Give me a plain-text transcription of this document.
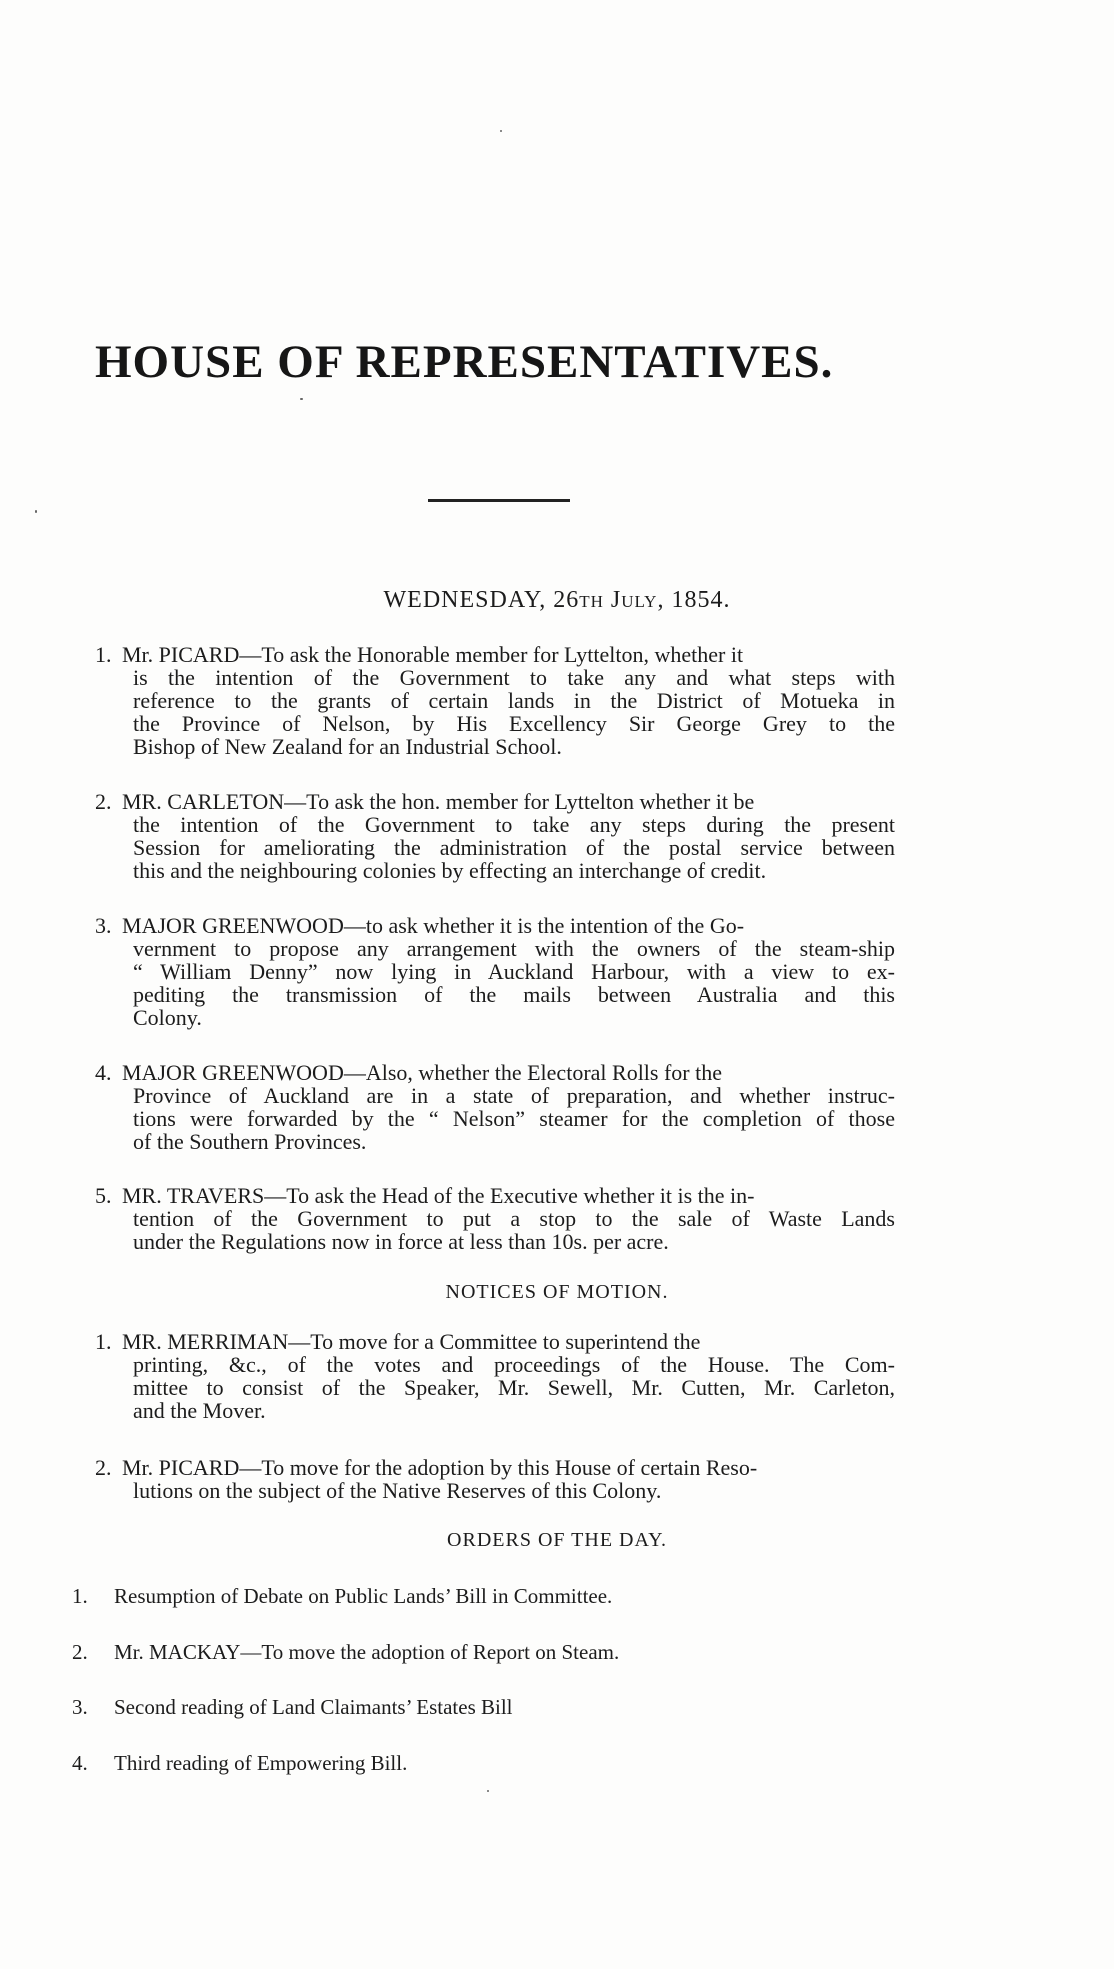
HOUSE OF REPRESENTATIVES.
WEDNESDAY, 26th July, 1854.
1. Mr. PICARD—To ask the Honorable member for Lyttelton, whether it
is the intention of the Government to take any and what steps with
reference to the grants of certain lands in the District of Motueka in
the Province of Nelson, by His Excellency Sir George Grey to the
Bishop of New Zealand for an Industrial School.
2. MR. CARLETON—To ask the hon. member for Lyttelton whether it be
the intention of the Government to take any steps during the present
Session for ameliorating the administration of the postal service between
this and the neighbouring colonies by effecting an interchange of credit.
3. MAJOR GREENWOOD—to ask whether it is the intention of the Go-
vernment to propose any arrangement with the owners of the steam-ship
“ William Denny” now lying in Auckland Harbour, with a view to ex-
pediting the transmission of the mails between Australia and this
Colony.
4. MAJOR GREENWOOD—Also, whether the Electoral Rolls for the
Province of Auckland are in a state of preparation, and whether instruc-
tions were forwarded by the “ Nelson” steamer for the completion of those
of the Southern Provinces.
5. MR. TRAVERS—To ask the Head of the Executive whether it is the in-
tention of the Government to put a stop to the sale of Waste Lands
under the Regulations now in force at less than 10s. per acre.
NOTICES OF MOTION.
1. MR. MERRIMAN—To move for a Committee to superintend the
printing, &c., of the votes and proceedings of the House. The Com-
mittee to consist of the Speaker, Mr. Sewell, Mr. Cutten, Mr. Carleton,
and the Mover.
2. Mr. PICARD—To move for the adoption by this House of certain Reso-
lutions on the subject of the Native Reserves of this Colony.
ORDERS OF THE DAY.
1. Resumption of Debate on Public Lands’ Bill in Committee.
2. Mr. MACKAY—To move the adoption of Report on Steam.
3. Second reading of Land Claimants’ Estates Bill
4. Third reading of Empowering Bill.
